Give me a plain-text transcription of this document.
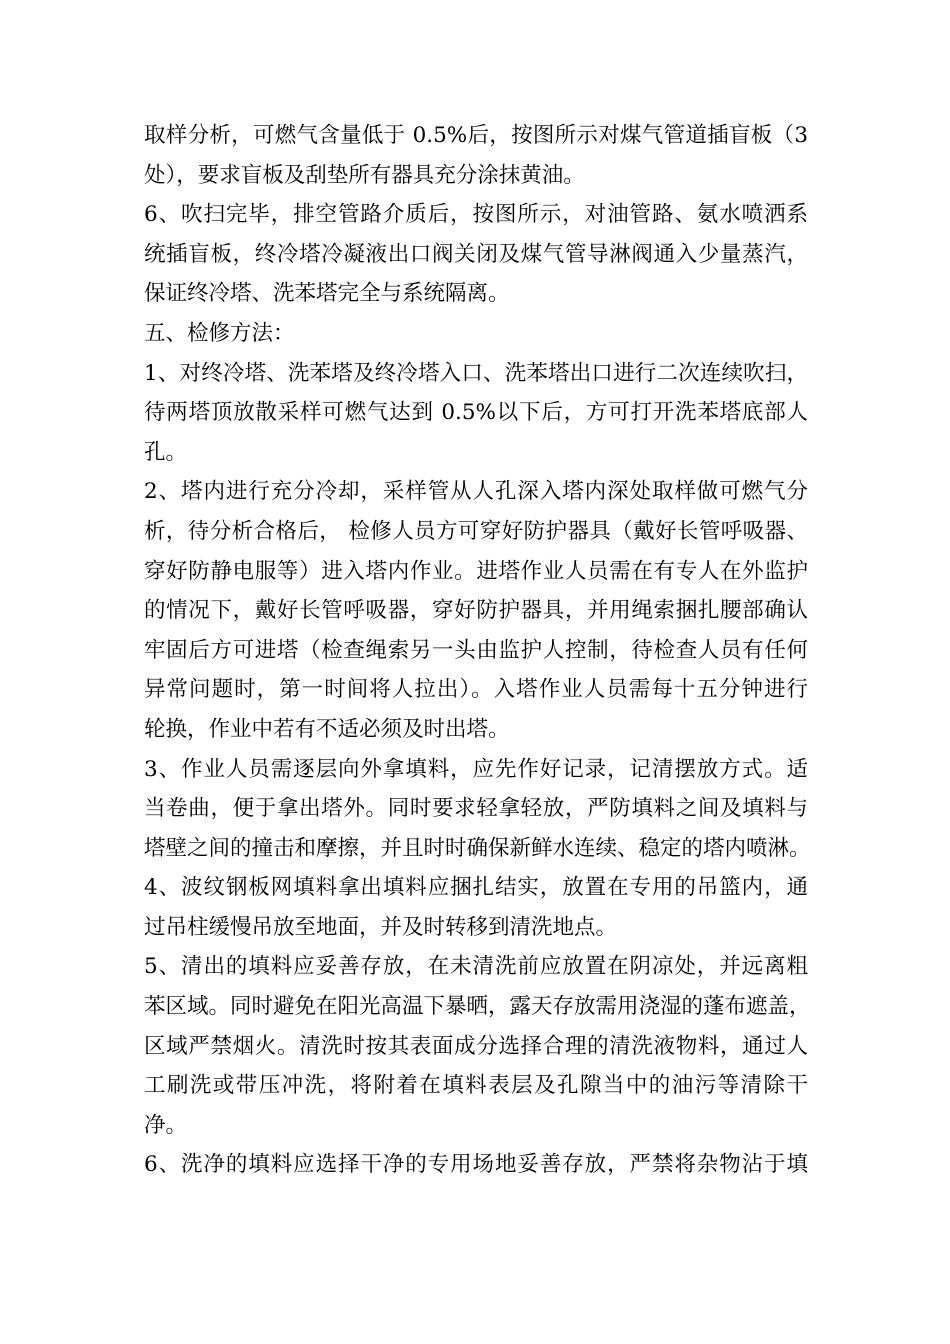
取样分析，可燃气含量低于 0.5%后，按图所示对煤气管道插盲板（3
处），要求盲板及刮垫所有器具充分涂抹黄油。
6、吹扫完毕，排空管路介质后，按图所示，对油管路、氨水喷洒系
统插盲板，终冷塔冷凝液出口阀关闭及煤气管导淋阀通入少量蒸汽，
保证终冷塔、洗苯塔完全与系统隔离。
五、检修方法：
1、对终冷塔、洗苯塔及终冷塔入口、洗苯塔出口进行二次连续吹扫，
待两塔顶放散采样可燃气达到 0.5%以下后，方可打开洗苯塔底部人
孔。
2、塔内进行充分冷却，采样管从人孔深入塔内深处取样做可燃气分
析，待分析合格后， 检修人员方可穿好防护器具（戴好长管呼吸器、
穿好防静电服等）进入塔内作业。进塔作业人员需在有专人在外监护
的情况下，戴好长管呼吸器，穿好防护器具，并用绳索捆扎腰部确认
牢固后方可进塔（检查绳索另一头由监护人控制，待检查人员有任何
异常问题时，第一时间将人拉出）。入塔作业人员需每十五分钟进行
轮换，作业中若有不适必须及时出塔。
3、作业人员需逐层向外拿填料，应先作好记录，记清摆放方式。适
当卷曲，便于拿出塔外。同时要求轻拿轻放，严防填料之间及填料与
塔壁之间的撞击和摩擦，并且时时确保新鲜水连续、稳定的塔内喷淋。
4、波纹钢板网填料拿出填料应捆扎结实，放置在专用的吊篮内，通
过吊柱缓慢吊放至地面，并及时转移到清洗地点。
5、清出的填料应妥善存放，在未清洗前应放置在阴凉处，并远离粗
苯区域。同时避免在阳光高温下暴晒，露天存放需用浇湿的蓬布遮盖，
区域严禁烟火。清洗时按其表面成分选择合理的清洗液物料，通过人
工刷洗或带压冲洗，将附着在填料表层及孔隙当中的油污等清除干
净。
6、洗净的填料应选择干净的专用场地妥善存放，严禁将杂物沾于填
